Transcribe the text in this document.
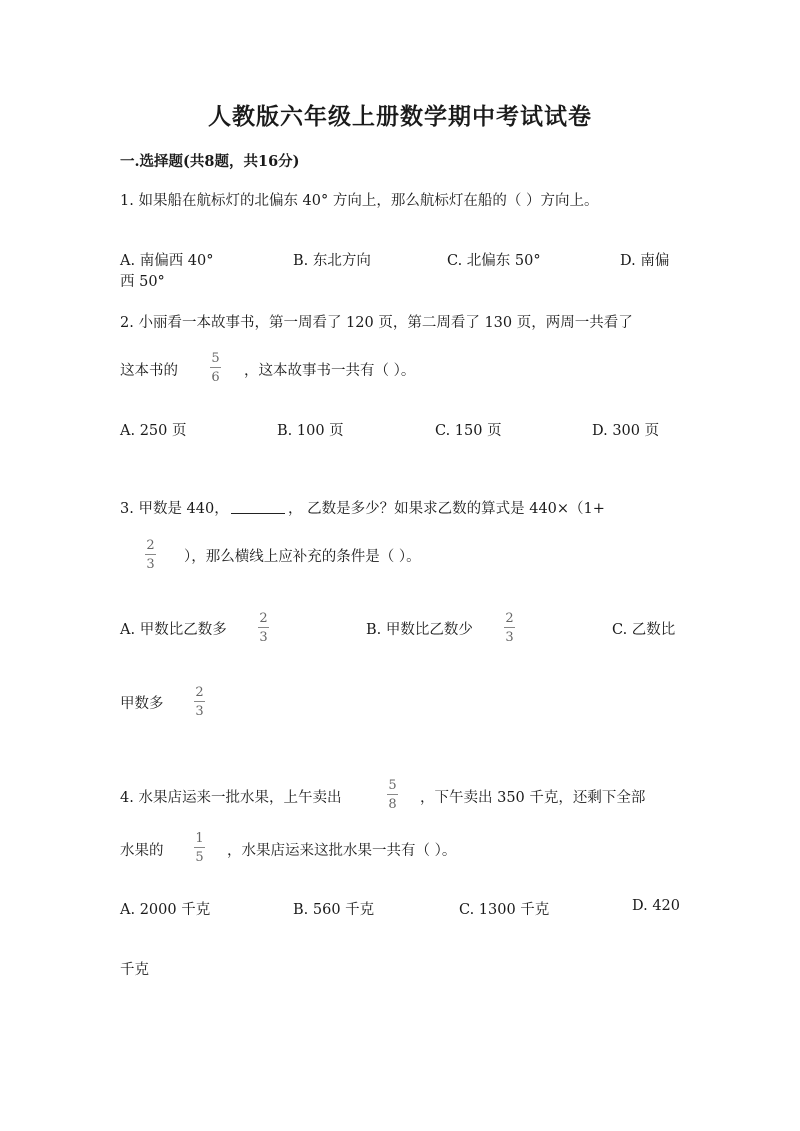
人教版六年级上册数学期中考试试卷
一.选择题(共8题，共16分)
1. 如果船在航标灯的北偏东 40° 方向上，那么航标灯在船的（ ）方向上。
A. 南偏西 40°	B. 东北方向	C. 北偏东 50°	D. 南偏
西 50°
2. 小丽看一本故事书，第一周看了 120 页，第二周看了 130 页，两周一共看了
这本书的
5
6 ，这本故事书一共有（ ）。
A. 250 页	B. 100 页	C. 150 页	D. 300 页
3. 甲数是 440，	， 乙数是多少？如果求乙数的算式是 440×（1+
2
3 ），那么横线上应补充的条件是（ ）。
A. 甲数比乙数多
2
3	B. 甲数比乙数少
2
3	C. 乙数比
甲数多
2
3
4. 水果店运来一批水果，上午卖出
5
8 ，下午卖出 350 千克，还剩下全部
水果的
1
5 ，水果店运来这批水果一共有（ ）。
A. 2000 千克	B. 560 千克	C. 1300 千克	D. 420
千克
